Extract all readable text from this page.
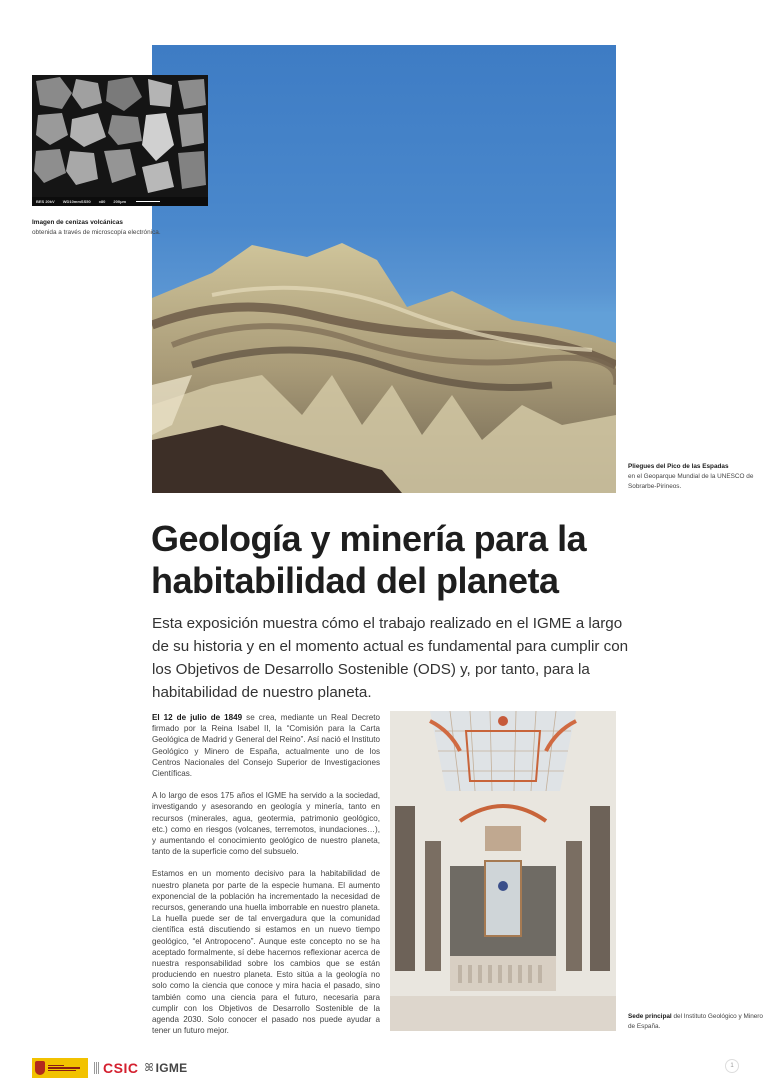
BES 20kV WD10mmSS50 x80 200μm
Imagen de cenizas volcánicas
obtenida a través de microscopía electrónica.
Pliegues del Pico de las Espadas
en el Geoparque Mundial de la UNESCO de Sobrarbe-Pirineos.
Geología y minería para la habitabilidad del planeta

Esta exposición muestra cómo el trabajo realizado en el IGME a largo de su historia y en el momento actual es fundamental para cumplir con los Objetivos de Desarrollo Sostenible (ODS) y, por tanto, para la habitabilidad de nuestro planeta.

El 12 de julio de 1849 se crea, mediante un Real Decreto firmado por la Reina Isabel II, la “Comisión para la Carta Geológica de Madrid y General del Reino”. Así nació el Instituto Geológico y Minero de España, actualmente uno de los Centros Nacionales del Consejo Superior de Investigaciones Científicas.

A lo largo de esos 175 años el IGME ha servido a la sociedad, investigando y asesorando en geología y minería, tanto en recursos (minerales, agua, geotermia, patrimonio geológico, etc.) como en riesgos (volcanes, terremotos, inundaciones…), y aumentando el conocimiento geológico de nuestro planeta, tanto de la superficie como del subsuelo.

Estamos en un momento decisivo para la habitabilidad de nuestro planeta por parte de la especie humana. El aumento exponencial de la población ha incrementado la necesidad de recursos, generando una huella imborrable en nuestro planeta. La huella puede ser de tal envergadura que la comunidad científica está discutiendo si estamos en un nuevo tiempo geológico, “el Antropoceno”. Aunque este concepto no se ha aceptado formalmente, sí debe hacernos reflexionar acerca de nuestra responsabilidad sobre los cambios que se están produciendo en nuestro planeta. Esto sitúa a la geología no solo como la ciencia que conoce y mira hacia el pasado, sino también como una ciencia para el futuro, necesaria para cumplir con los Objetivos de Desarrollo Sostenible de la agenda 2030. Solo conocer el pasado nos puede ayudar a tener un futuro mejor.

Sede principal del Instituto Geológico y Minero de España.
CSIC ꕤ IGME	1
